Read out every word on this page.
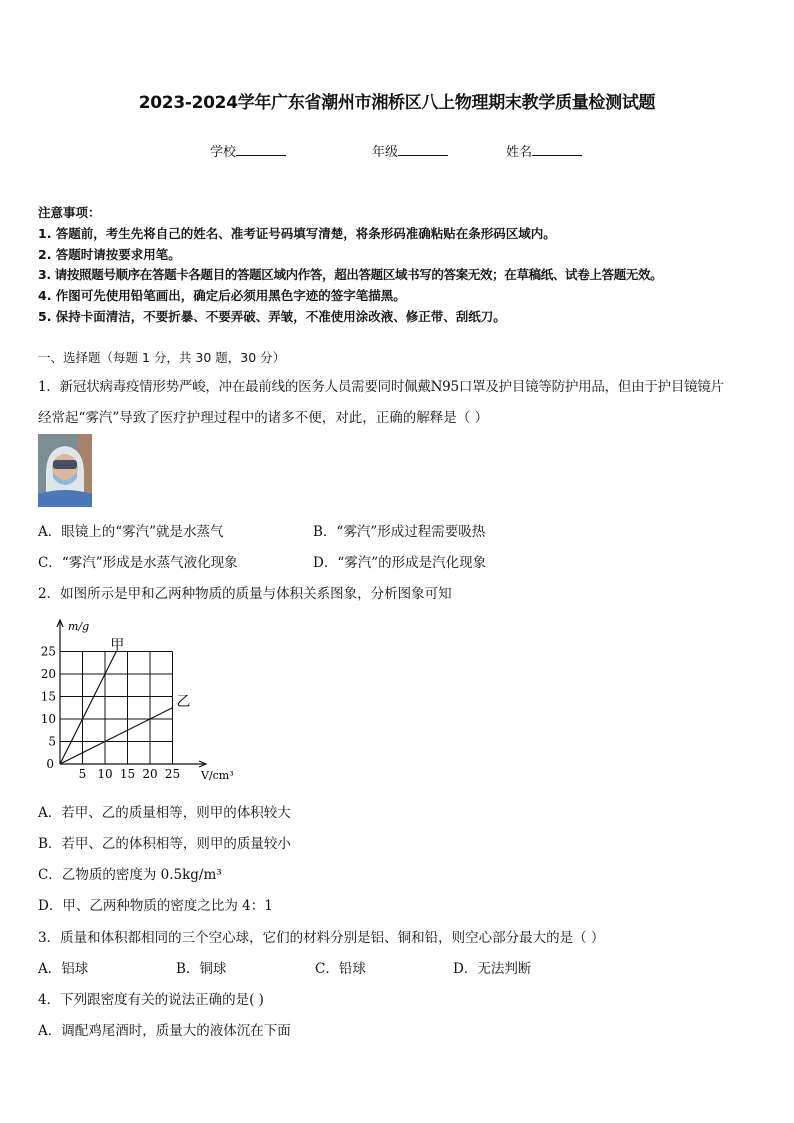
2023-2024学年广东省潮州市湘桥区八上物理期末教学质量检测试题
学校	年级	姓名
注意事项：
1. 答题前，考生先将自己的姓名、准考证号码填写清楚，将条形码准确粘贴在条形码区域内。
2. 答题时请按要求用笔。
3. 请按照题号顺序在答题卡各题目的答题区域内作答，超出答题区域书写的答案无效；在草稿纸、试卷上答题无效。
4. 作图可先使用铅笔画出，确定后必须用黑色字迹的签字笔描黑。
5. 保持卡面清洁，不要折暴、不要弄破、弄皱，不准使用涂改液、修正带、刮纸刀。
一、选择题（每题 1 分，共 30 题，30 分）
1．新冠状病毒疫情形势严峻，冲在最前线的医务人员需要同时佩戴N95口罩及护目镜等防护用品，但由于护目镜镜片
经常起“雾汽”导致了医疗护理过程中的诸多不便，对此，正确的解释是（ ）
A．眼镜上的“雾汽”就是水蒸气	B．“雾汽”形成过程需要吸热
C．“雾汽”形成是水蒸气液化现象	D．“雾汽”的形成是汽化现象
2．如图所示是甲和乙两种物质的质量与体积关系图象，分析图象可知
5 10 15 20 25
0
5
10
15
20
25
m/g
V/cm³
甲
乙
A．若甲、乙的质量相等，则甲的体积较大
B．若甲、乙的体积相等，则甲的质量较小
C．乙物质的密度为 0.5kg/m³
D．甲、乙两种物质的密度之比为 4：1
3．质量和体积都相同的三个空心球，它们的材料分别是铝、铜和铅，则空心部分最大的是（ ）
A．铝球	B．铜球	C．铅球	D．无法判断
4．下列跟密度有关的说法正确的是( )
A．调配鸡尾酒时，质量大的液体沉在下面
